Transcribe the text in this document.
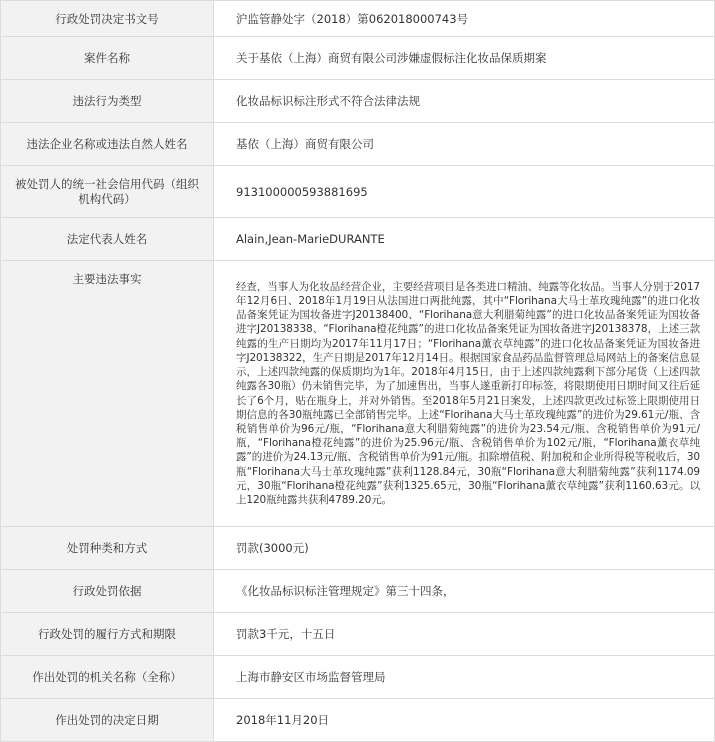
行政处罚决定书文号	沪监管静处字（2018）第062018000743号
案件名称	关于基依（上海）商贸有限公司涉嫌虚假标注化妆品保质期案
违法行为类型	化妆品标识标注形式不符合法律法规
违法企业名称或违法自然人姓名	基依（上海）商贸有限公司
被处罚人的统一社会信用代码（组织机构代码）	913100000593881695
法定代表人姓名	Alain,Jean-MarieDURANTE
主要违法事实	经查，当事人为化妆品经营企业，主要经营项目是各类进口精油、纯露等化妆品。当事人分别于2017年12月6日、2018年1月19日从法国进口两批纯露，其中“Florihana大马士革玫瑰纯露”的进口化妆品备案凭证为国妆备进字J20138400、“Florihana意大利腊菊纯露”的进口化妆品备案凭证为国妆备进字J20138338、“Florihana橙花纯露”的进口化妆品备案凭证为国妆备进字J20138378，上述三款纯露的生产日期均为2017年11月17日；“Florihana薰衣草纯露”的进口化妆品备案凭证为国妆备进字J20138322，生产日期是2017年12月14日。根据国家食品药品监督管理总局网站上的备案信息显示，上述四款纯露的保质期均为1年。2018年4月15日，由于上述四款纯露剩下部分尾货（上述四款纯露各30瓶）仍未销售完毕，为了加速售出，当事人遂重新打印标签，将限期使用日期时间又往后延长了6个月，贴在瓶身上，并对外销售。至2018年5月21日案发，上述四款更改过标签上限期使用日期信息的各30瓶纯露已全部销售完毕。上述“Florihana大马士革玫瑰纯露”的进价为29.61元/瓶、含税销售单价为96元/瓶，“Florihana意大利腊菊纯露”的进价为23.54元/瓶、含税销售单价为91元/瓶，“Florihana橙花纯露”的进价为25.96元/瓶、含税销售单价为102元/瓶，“Florihana薰衣草纯露”的进价为24.13元/瓶、含税销售单价为91元/瓶。扣除增值税、附加税和企业所得税等税收后，30瓶“Florihana大马士革玫瑰纯露”获利1128.84元，30瓶“Florihana意大利腊菊纯露”获利1174.09元，30瓶“Florihana橙花纯露”获利1325.65元，30瓶“Florihana薰衣草纯露”获利1160.63元。以上120瓶纯露共获利4789.20元。
处罚种类和方式	罚款(3000元)
行政处罚依据	《化妆品标识标注管理规定》第三十四条，
行政处罚的履行方式和期限	罚款3千元，十五日
作出处罚的机关名称（全称）	上海市静安区市场监督管理局
作出处罚的决定日期	2018年11月20日
